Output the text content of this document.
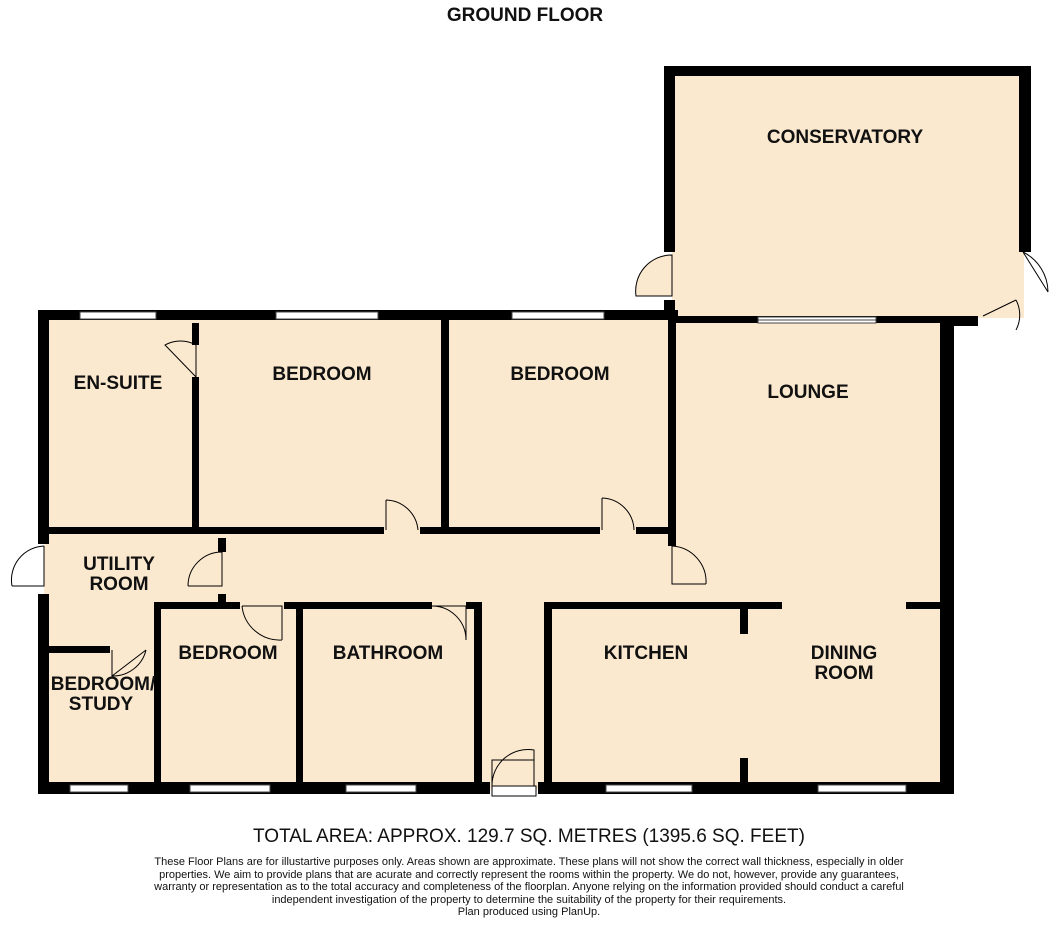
GROUND FLOOR
CONSERVATORY
LOUNGE
EN-SUITE	BEDROOM	BEDROOM
UTILITY
ROOM
BEDROOM	BATHROOM	KITCHEN	DINING
ROOM
BEDROOM/
STUDY
TOTAL AREA: APPROX. 129.7 SQ. METRES (1395.6 SQ. FEET)

These Floor Plans are for illustartive purposes only. Areas shown are approximate. These plans will not show the correct wall thickness, especially in older

properties. We aim to provide plans that are acurate and correctly represent the rooms within the property. We do not, however, provide any guarantees,

warranty or representation as to the total accuracy and completeness of the floorplan. Anyone relying on the information provided should conduct a careful

independent investigation of the property to determine the suitability of the property for their requirements.

Plan produced using PlanUp.
